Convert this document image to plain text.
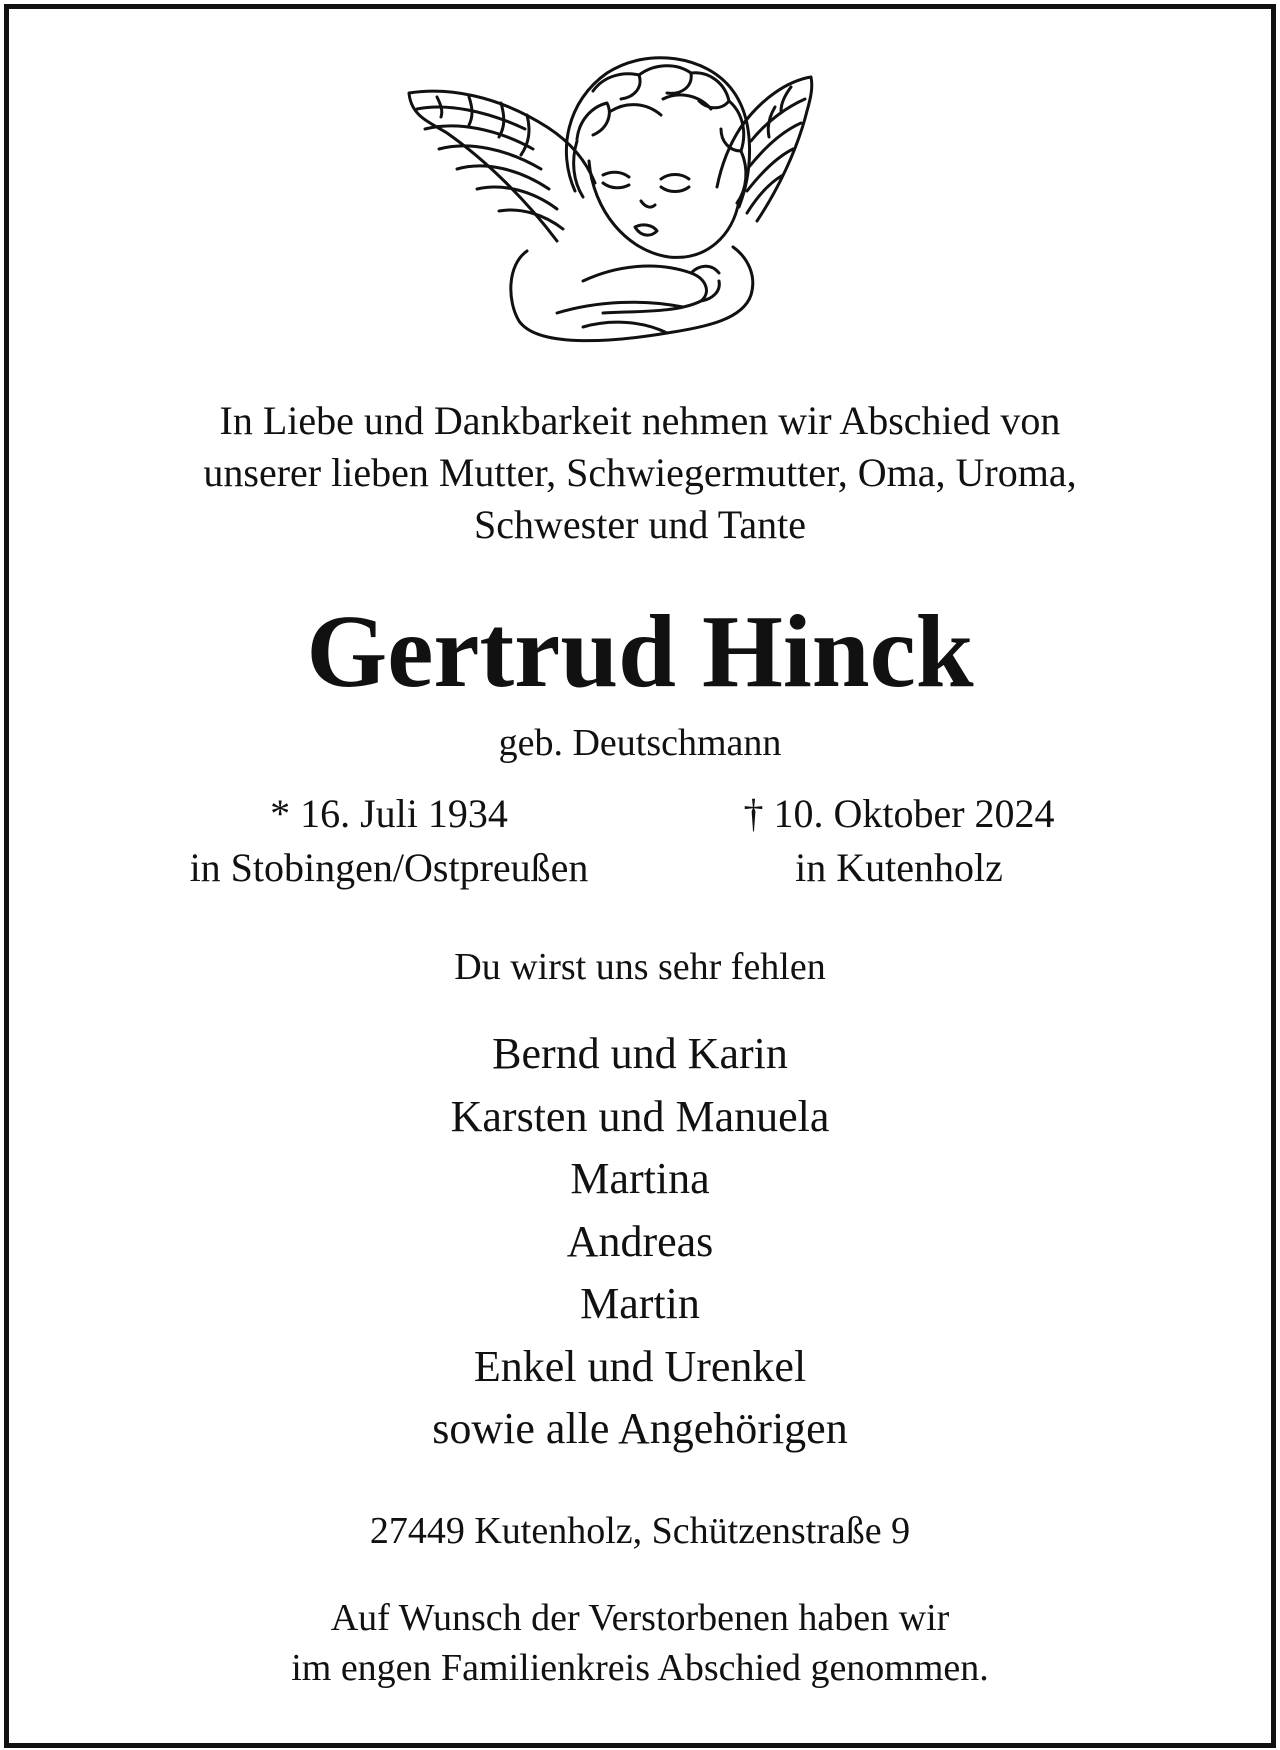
In Liebe und Dankbarkeit nehmen wir Abschied von
unserer lieben Mutter, Schwiegermutter, Oma, Uroma,
Schwester und Tante
Gertrud Hinck
geb. Deutschmann
* 16. Juli 1934
in Stobingen/Ostpreußen
† 10. Oktober 2024
in Kutenholz
Du wirst uns sehr fehlen
Bernd und Karin
Karsten und Manuela
Martina
Andreas
Martin
Enkel und Urenkel
sowie alle Angehörigen
27449 Kutenholz, Schützenstraße 9
Auf Wunsch der Verstorbenen haben wir
im engen Familienkreis Abschied genommen.
